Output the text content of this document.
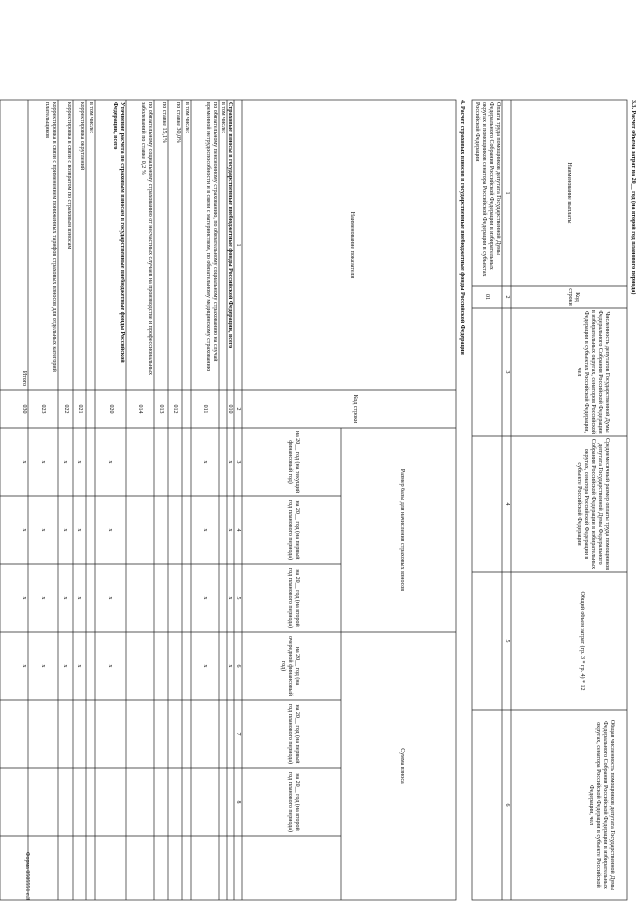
Форма 0505551 с.3
3.3. Расчет объема затрат на 20__ год (на второй год планового периода)
Наименование выплаты
Код строки
Численность депутатов Государственной Думы Федерального Собрания Российской Федерации в избирательных округах, сенаторов Российской Федерации в субъектах Российской Федерации, чел
Среднемесячный размер оплаты труда помощников депутата Государственной Думы Федерального Собрания Российской Федерации в избирательных округах, сенатора Российской Федерации в субъекте Российской Федерации
Общий объем затрат (гр. 3 * гр. 4) * 12
Общая численность помощников депутата Государственной Думы Федерального Собрания Российской Федерации в избирательных округах, сенатора Российской Федерации в субъекте Российской Федерации, чел
1
2
3
4
5
6
Оплата труда помощников депутата Государственной Думы Федерального Собрания Российской Федерации в избирательных округах и помощников сенатора Российской Федерации в субъектах Российской Федерации
01
4. Расчет страховых взносов в государственные внебюджетные фонды Российской Федерации
Наименование показателя
Код строки
Размер базы для начисления страховых взносов
Сумма взноса
на 20__ год (на текущий финансовый год)
на 20__ год (на первый год планового периода)
на 20__ год (на второй год планового периода)
на 20__ год (на очередной финансовый год)
на 20__ год (на первый год планового периода)
на 20__ год (на второй год планового периода)
1
2
3
4
5
6
7
8
Страховые взносы в государственные внебюджетные фонды Российской Федерации, всего
010
x
x
x
x
в том числе:
по обязательному пенсионному страхованию, по обязательному социальному страхованию на случай временной нетрудоспособности и в связи с материнством, по обязательному медицинскому страхованию
011
x
x
x
x
в том числе:
по ставке 30,0%
012
по ставке 15,1%
013
по обязательному социальному страхованию от несчастных случаев на производстве и профессиональных заболеваний по ставке 0,2 %
014
Уточнение расчета по страховым взносам в государственные внебюджетные фонды Российской Федерации, всего
020
x
x
x
x
в том числе:
корректировка округлений
021
x
x
x
x
корректировка в связи с возвратом по страховым взносам
022
x
x
x
x
корректировка в связи с применением пониженных тарифов страховых взносов для отдельных категорий плательщиков
023
x
x
x
x
Итого
030
x
x
x
x
